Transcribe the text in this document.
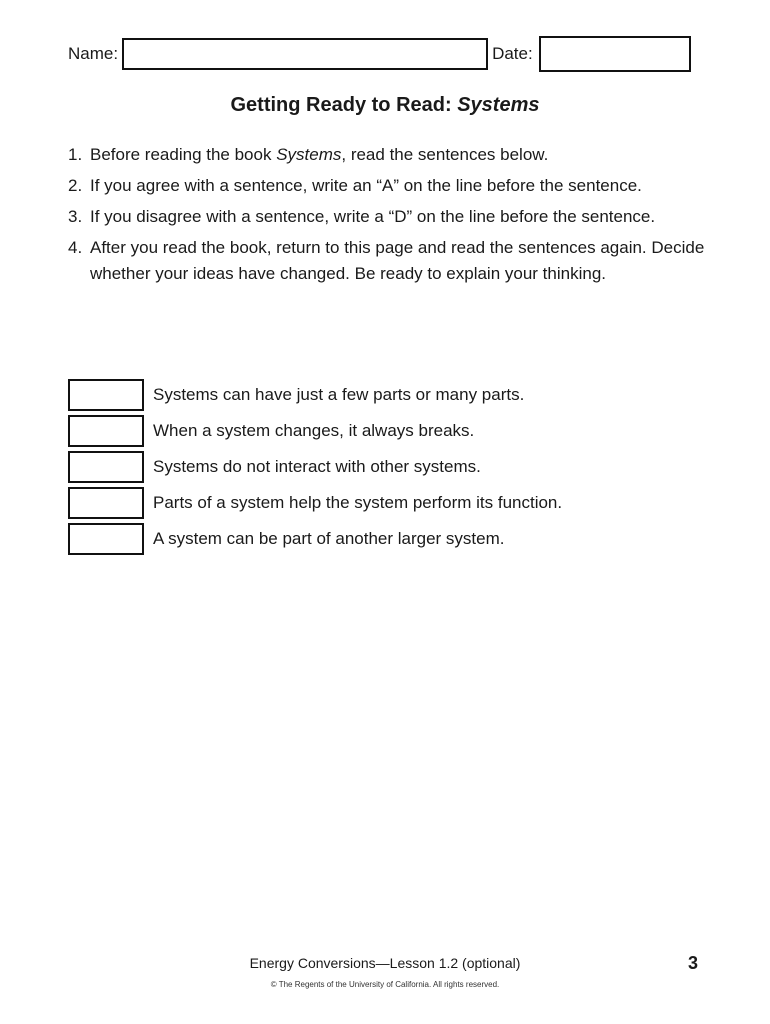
Name:	Date:
Getting Ready to Read: Systems
1. Before reading the book Systems, read the sentences below.
2. If you agree with a sentence, write an “A” on the line before the sentence.
3. If you disagree with a sentence, write a “D” on the line before the sentence.
4. After you read the book, return to this page and read the sentences again. Decide whether your ideas have changed. Be ready to explain your thinking.
Systems can have just a few parts or many parts.
When a system changes, it always breaks.
Systems do not interact with other systems.
Parts of a system help the system perform its function.
A system can be part of another larger system.
Energy Conversions—Lesson 1.2 (optional)	3
© The Regents of the University of California. All rights reserved.
